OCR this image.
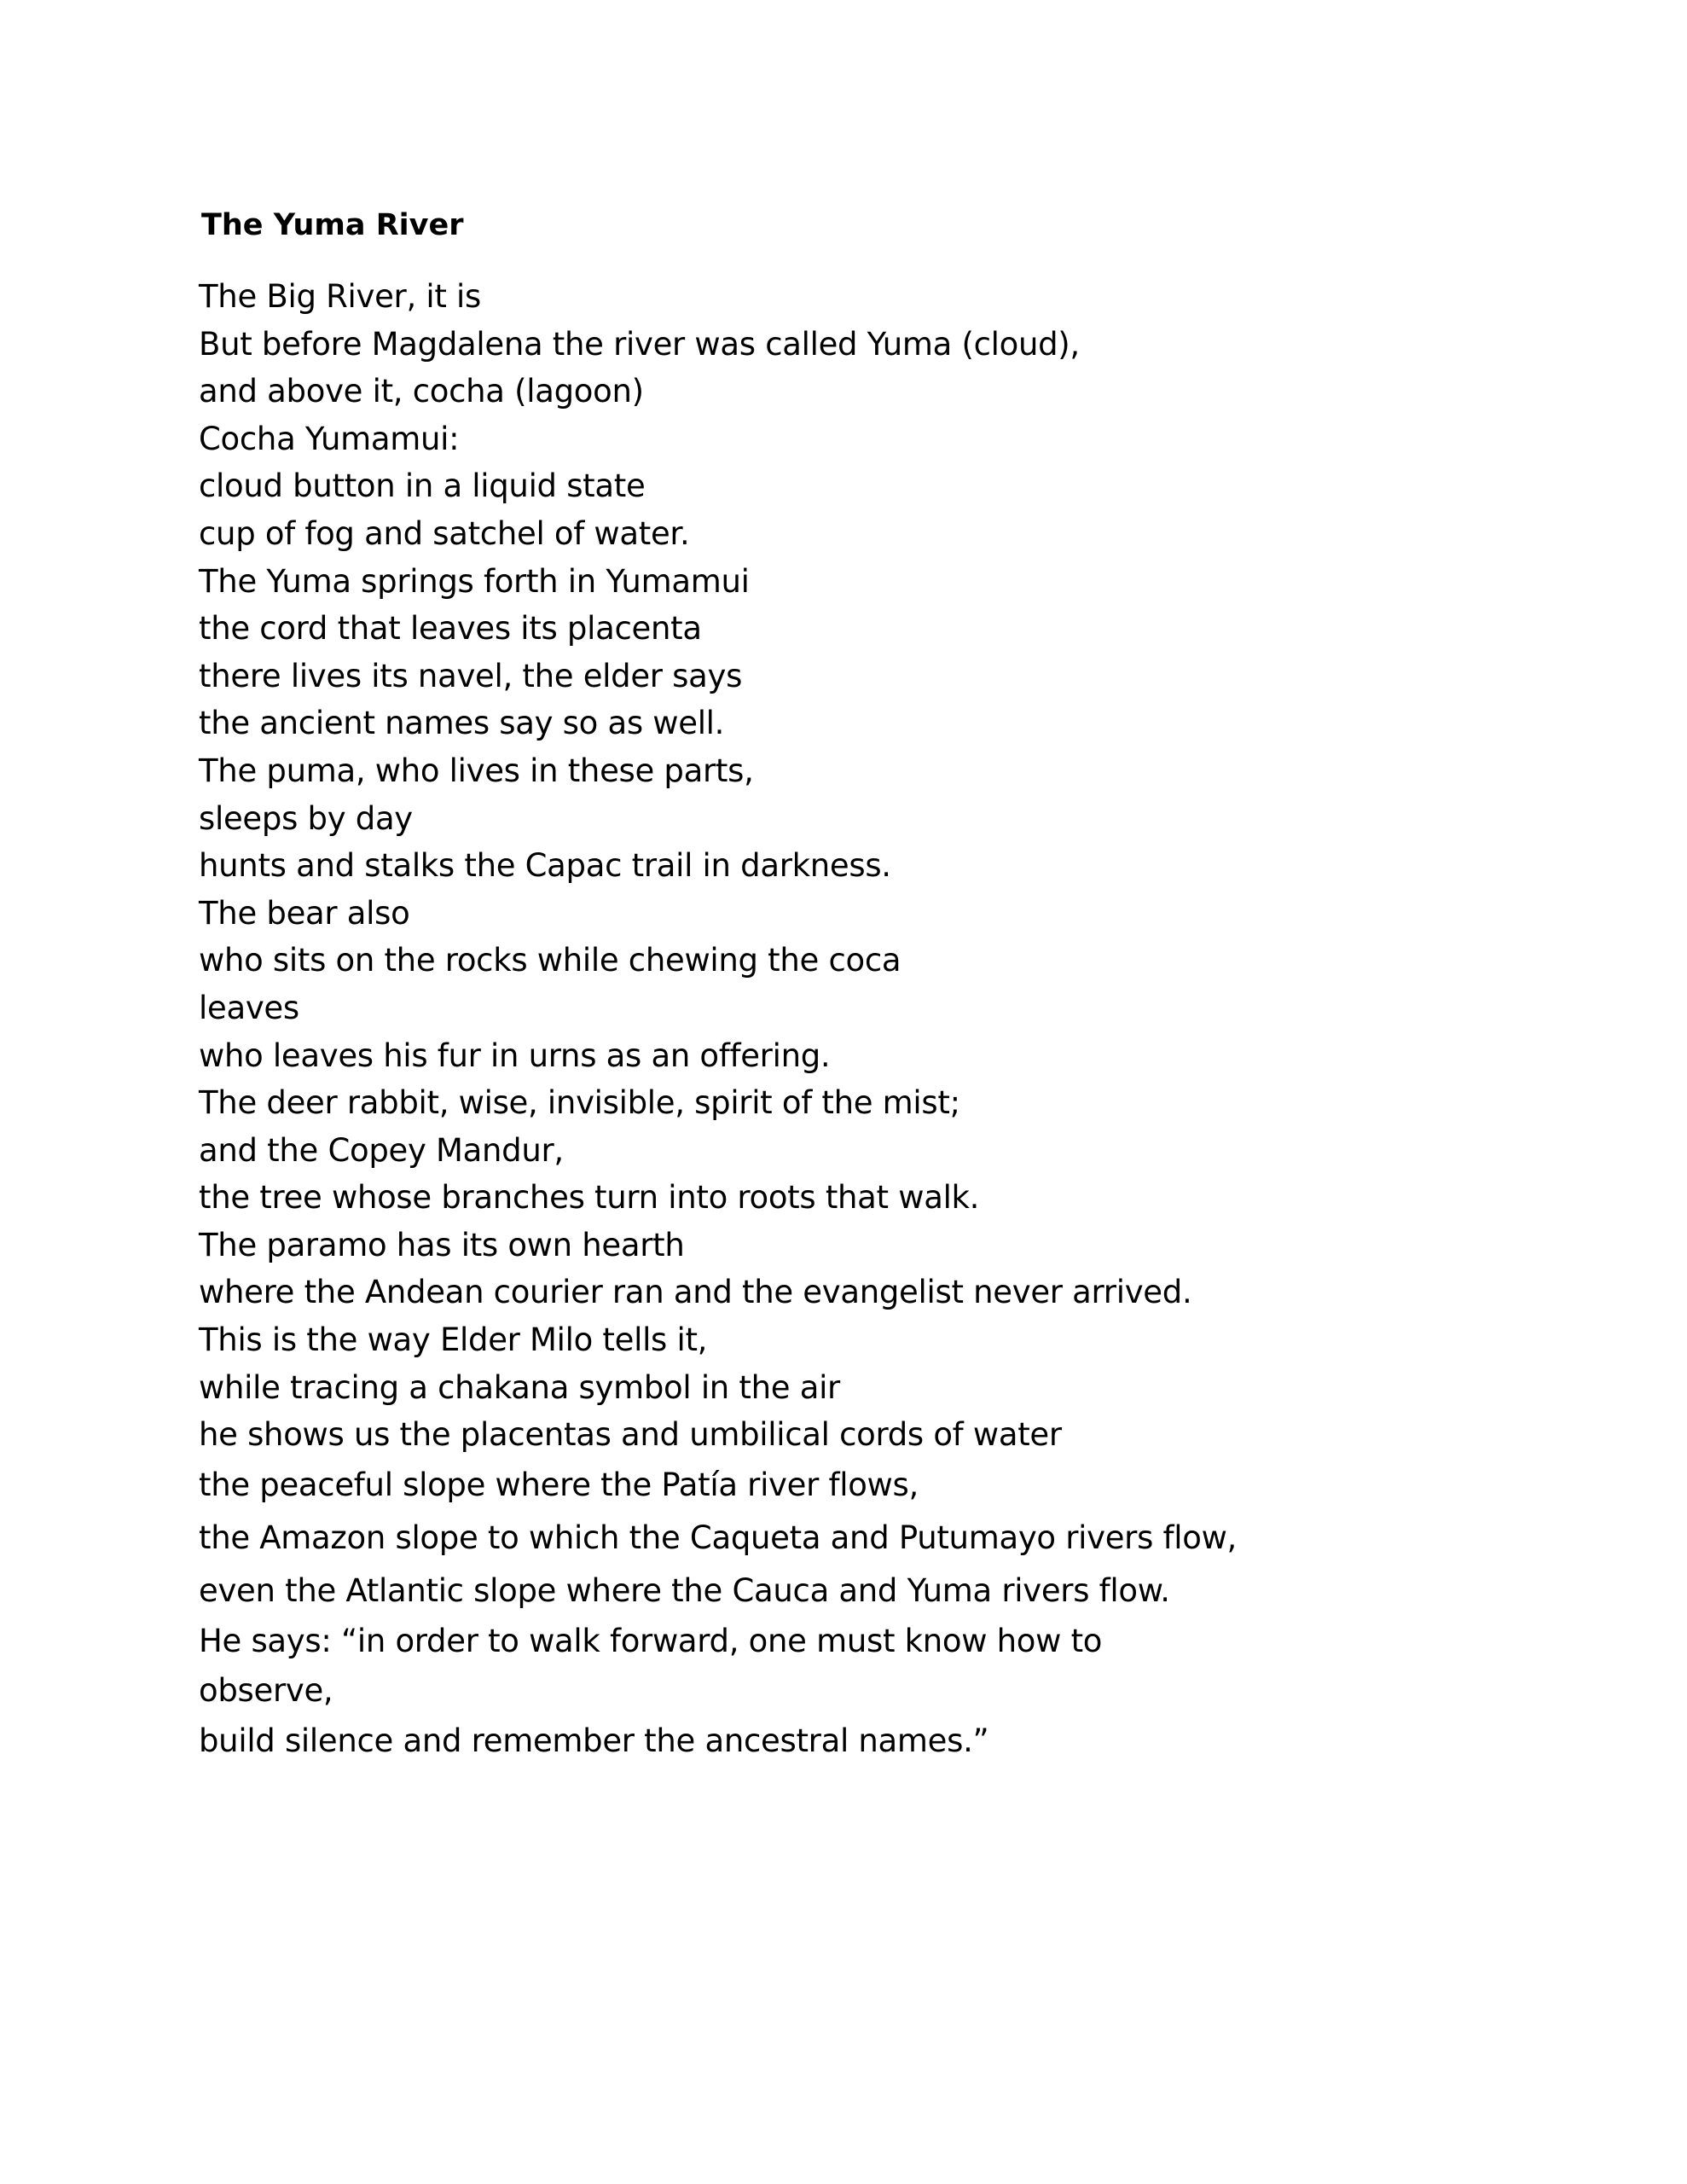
The Yuma River
The Big River, it is
But before Magdalena the river was called Yuma (cloud),
and above it, cocha (lagoon)
Cocha Yumamui:
cloud button in a liquid state
cup of fog and satchel of water.
The Yuma springs forth in Yumamui
the cord that leaves its placenta
there lives its navel, the elder says
the ancient names say so as well.
The puma, who lives in these parts,
sleeps by day
hunts and stalks the Capac trail in darkness.
The bear also
who sits on the rocks while chewing the coca
leaves
who leaves his fur in urns as an offering.
The deer rabbit, wise, invisible, spirit of the mist;
and the Copey Mandur,
the tree whose branches turn into roots that walk.
The paramo has its own hearth
where the Andean courier ran and the evangelist never arrived.
This is the way Elder Milo tells it,
while tracing a chakana symbol in the air
he shows us the placentas and umbilical cords of water
the peaceful slope where the Patía river flows,
the Amazon slope to which the Caqueta and Putumayo rivers flow,
even the Atlantic slope where the Cauca and Yuma rivers flow.
He says: “in order to walk forward, one must know how to
observe,
build silence and remember the ancestral names.”
